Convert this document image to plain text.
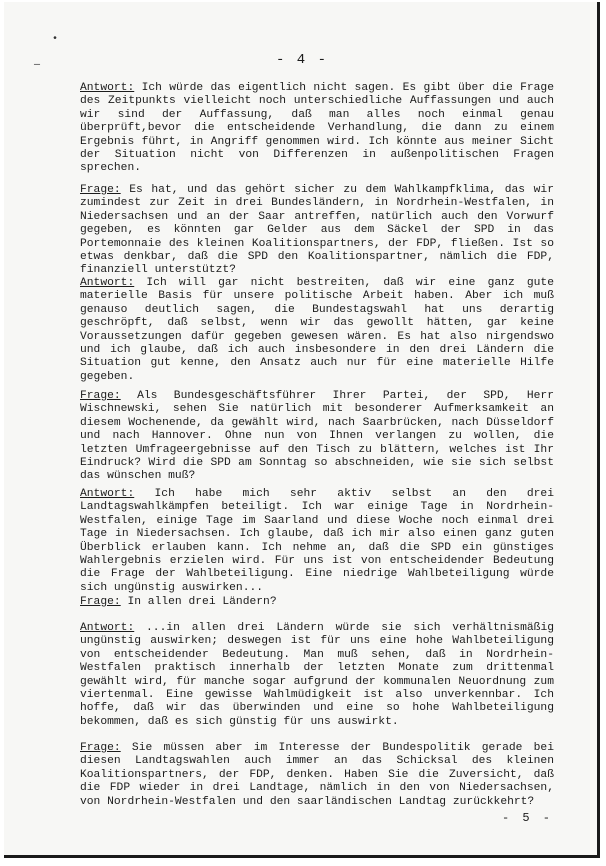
•
—	- 4 -

Antwort: Ich würde das eigentlich nicht sagen. Es gibt über die Frage des Zeitpunkts vielleicht noch unterschiedliche Auffassungen und auch wir sind der Auffassung, daß man alles noch einmal genau überprüft,bevor die entscheidende Verhandlung, die dann zu einem Ergebnis führt, in Angriff genommen wird. Ich könnte aus meiner Sicht der Situation nicht von Differenzen in außenpolitischen Fragen sprechen.

Frage: Es hat, und das gehört sicher zu dem Wahlkampfklima, das wir zumindest zur Zeit in drei Bundesländern, in Nordrhein-Westfalen, in Niedersachsen und an der Saar antreffen, natürlich auch den Vorwurf gegeben, es könnten gar Gelder aus dem Säckel der SPD in das Portemonnaie des kleinen Koalitionspartners, der FDP, fließen. Ist so etwas denkbar, daß die SPD den Koalitionspartner, nämlich die FDP, finanziell unterstützt?

Antwort: Ich will gar nicht bestreiten, daß wir eine ganz gute materielle Basis für unsere politische Arbeit haben. Aber ich muß genauso deutlich sagen, die Bundestagswahl hat uns derartig geschröpft, daß selbst, wenn wir das gewollt hätten, gar keine Voraussetzungen dafür gegeben gewesen wären. Es hat also nirgendswo und ich glaube, daß ich auch insbesondere in den drei Ländern die Situation gut kenne, den Ansatz auch nur für eine materielle Hilfe gegeben.

Frage: Als Bundesgeschäftsführer Ihrer Partei, der SPD, Herr Wischnewski, sehen Sie natürlich mit besonderer Aufmerksamkeit an diesem Wochenende, da gewählt wird, nach Saarbrücken, nach Düsseldorf und nach Hannover. Ohne nun von Ihnen verlangen zu wollen, die letzten Umfrageergebnisse auf den Tisch zu blättern, welches ist Ihr Eindruck? Wird die SPD am Sonntag so abschneiden, wie sie sich selbst das wünschen muß?

Antwort: Ich habe mich sehr aktiv selbst an den drei Landtagswahlkämpfen beteiligt. Ich war einige Tage in Nordrhein-Westfalen, einige Tage im Saarland und diese Woche noch einmal drei Tage in Niedersachsen. Ich glaube, daß ich mir also einen ganz guten Überblick erlauben kann. Ich nehme an, daß die SPD ein günstiges Wahlergebnis erzielen wird. Für uns ist von entscheidender Bedeutung die Frage der Wahlbeteiligung. Eine niedrige Wahlbeteiligung würde sich ungünstig auswirken...

Frage: In allen drei Ländern?

Antwort: ...in allen drei Ländern würde sie sich verhältnismäßig ungünstig auswirken; deswegen ist für uns eine hohe Wahlbeteiligung von entscheidender Bedeutung. Man muß sehen, daß in Nordrhein-Westfalen praktisch innerhalb der letzten Monate zum drittenmal gewählt wird, für manche sogar aufgrund der kommunalen Neuordnung zum viertenmal. Eine gewisse Wahlmüdigkeit ist also unverkennbar. Ich hoffe, daß wir das überwinden und eine so hohe Wahlbeteiligung bekommen, daß es sich günstig für uns auswirkt.

Frage: Sie müssen aber im Interesse der Bundespolitik gerade bei diesen Landtagswahlen auch immer an das Schicksal des kleinen Koalitionspartners, der FDP, denken. Haben Sie die Zuversicht, daß die FDP wieder in drei Landtage, nämlich in den von Niedersachsen, von Nordrhein-Westfalen und den saarländischen Landtag zurückkehrt?

- 5 -
